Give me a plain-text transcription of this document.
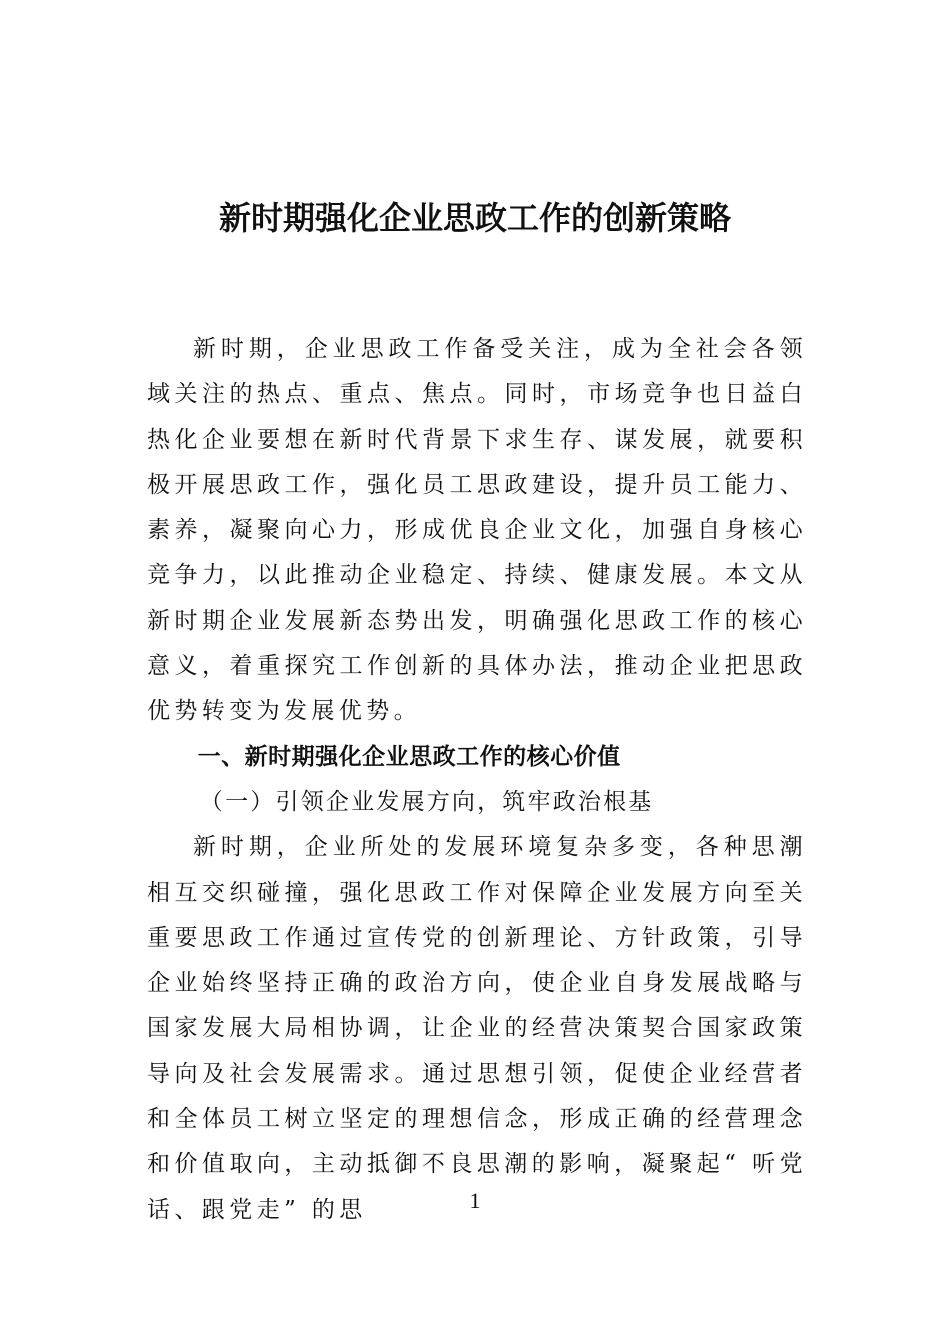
新时期强化企业思政工作的创新策略

新时期，企业思政工作备受关注，成为全社会各领域关注的热点、重点、焦点。同时，市场竞争也日益白热化企业要想在新时代背景下求生存、谋发展，就要积极开展思政工作，强化员工思政建设，提升员工能力、素养，凝聚向心力，形成优良企业文化，加强自身核心竞争力，以此推动企业稳定、持续、健康发展。本文从新时期企业发展新态势出发，明确强化思政工作的核心意义，着重探究工作创新的具体办法，推动企业把思政优势转变为发展优势。

一、新时期强化企业思政工作的核心价值

（一）引领企业发展方向，筑牢政治根基

新时期，企业所处的发展环境复杂多变，各种思潮相互交织碰撞，强化思政工作对保障企业发展方向至关重要思政工作通过宣传党的创新理论、方针政策，引导企业始终坚持正确的政治方向，使企业自身发展战略与国家发展大局相协调，让企业的经营决策契合国家政策导向及社会发展需求。通过思想引领，促使企业经营者和全体员工树立坚定的理想信念，形成正确的经营理念和价值取向，主动抵御不良思潮的影响，凝聚起“ 听党话、跟党走” 的思	1
